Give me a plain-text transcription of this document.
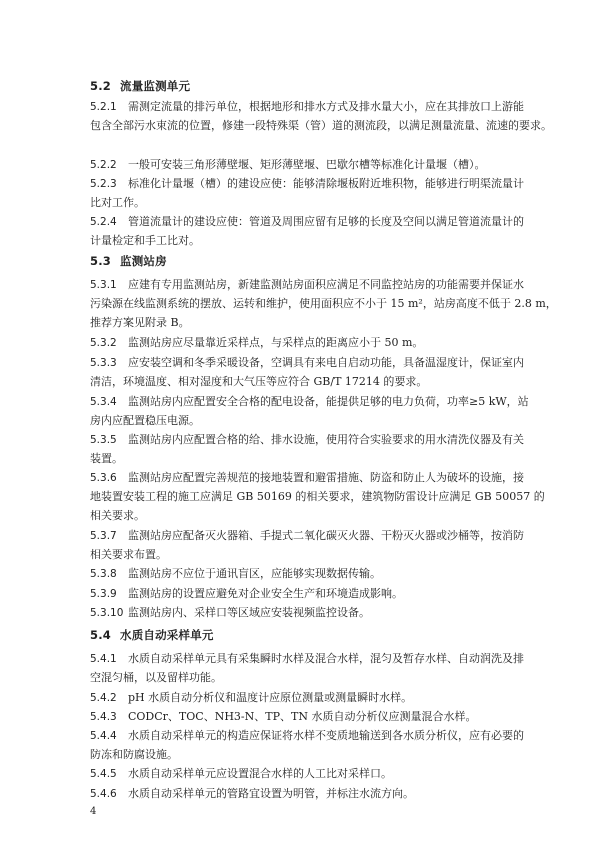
5.2 流量监测单元
5.2.1 需测定流量的排污单位，根据地形和排水方式及排水量大小，应在其排放口上游能
包含全部污水束流的位置，修建一段特殊渠（管）道的测流段，以满足测量流量、流速的要求。
5.2.2 一般可安装三角形薄壁堰、矩形薄壁堰、巴歇尔槽等标准化计量堰（槽）。
5.2.3 标准化计量堰（槽）的建设应使：能够清除堰板附近堆积物，能够进行明渠流量计
比对工作。
5.2.4 管道流量计的建设应使：管道及周围应留有足够的长度及空间以满足管道流量计的
计量检定和手工比对。
5.3 监测站房
5.3.1 应建有专用监测站房，新建监测站房面积应满足不同监控站房的功能需要并保证水
污染源在线监测系统的摆放、运转和维护，使用面积应不小于 15 m²，站房高度不低于 2.8 m，
推荐方案见附录 B。
5.3.2 监测站房应尽量靠近采样点，与采样点的距离应小于 50 m。
5.3.3 应安装空调和冬季采暖设备，空调具有来电自启动功能，具备温湿度计，保证室内
清洁，环境温度、相对湿度和大气压等应符合 GB/T 17214 的要求。
5.3.4 监测站房内应配置安全合格的配电设备，能提供足够的电力负荷，功率≥5 kW，站
房内应配置稳压电源。
5.3.5 监测站房内应配置合格的给、排水设施，使用符合实验要求的用水清洗仪器及有关
装置。
5.3.6 监测站房应配置完善规范的接地装置和避雷措施、防盗和防止人为破坏的设施，接
地装置安装工程的施工应满足 GB 50169 的相关要求，建筑物防雷设计应满足 GB 50057 的
相关要求。
5.3.7 监测站房应配备灭火器箱、手提式二氧化碳灭火器、干粉灭火器或沙桶等，按消防
相关要求布置。
5.3.8 监测站房不应位于通讯盲区，应能够实现数据传输。
5.3.9 监测站房的设置应避免对企业安全生产和环境造成影响。
5.3.10 监测站房内、采样口等区域应安装视频监控设备。
5.4 水质自动采样单元
5.4.1 水质自动采样单元具有采集瞬时水样及混合水样，混匀及暂存水样、自动润洗及排
空混匀桶，以及留样功能。
5.4.2 pH 水质自动分析仪和温度计应原位测量或测量瞬时水样。
5.4.3 CODCr、TOC、NH3-N、TP、TN 水质自动分析仪应测量混合水样。
5.4.4 水质自动采样单元的构造应保证将水样不变质地输送到各水质分析仪，应有必要的
防冻和防腐设施。
5.4.5 水质自动采样单元应设置混合水样的人工比对采样口。
5.4.6 水质自动采样单元的管路宜设置为明管，并标注水流方向。
4
